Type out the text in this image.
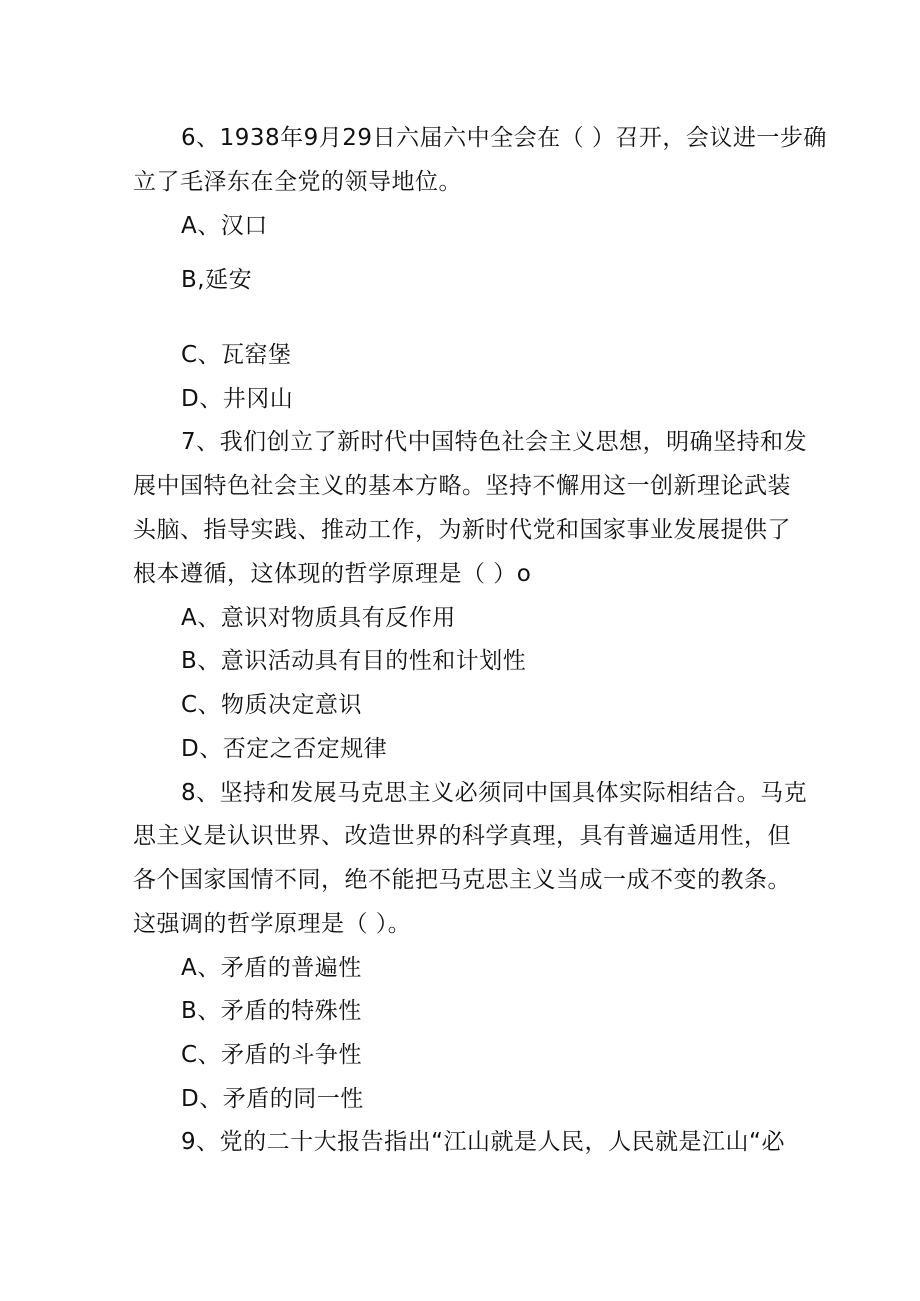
6、1938年9月29日六届六中全会在（ ）召开，会议进一步确
立了毛泽东在全党的领导地位。
A、汉口
B,延安
C、瓦窑堡
D、井冈山
7、我们创立了新时代中国特色社会主义思想，明确坚持和发
展中国特色社会主义的基本方略。坚持不懈用这一创新理论武装
头脑、指导实践、推动工作，为新时代党和国家事业发展提供了
根本遵循，这体现的哲学原理是（ ）o
A、意识对物质具有反作用
B、意识活动具有目的性和计划性
C、物质决定意识
D、否定之否定规律
8、坚持和发展马克思主义必须同中国具体实际相结合。马克
思主义是认识世界、改造世界的科学真理，具有普遍适用性，但
各个国家国情不同，绝不能把马克思主义当成一成不变的教条。
这强调的哲学原理是（ ）。
A、矛盾的普遍性
B、矛盾的特殊性
C、矛盾的斗争性
D、矛盾的同一性
9、党的二十大报告指出“江山就是人民，人民就是江山“必
